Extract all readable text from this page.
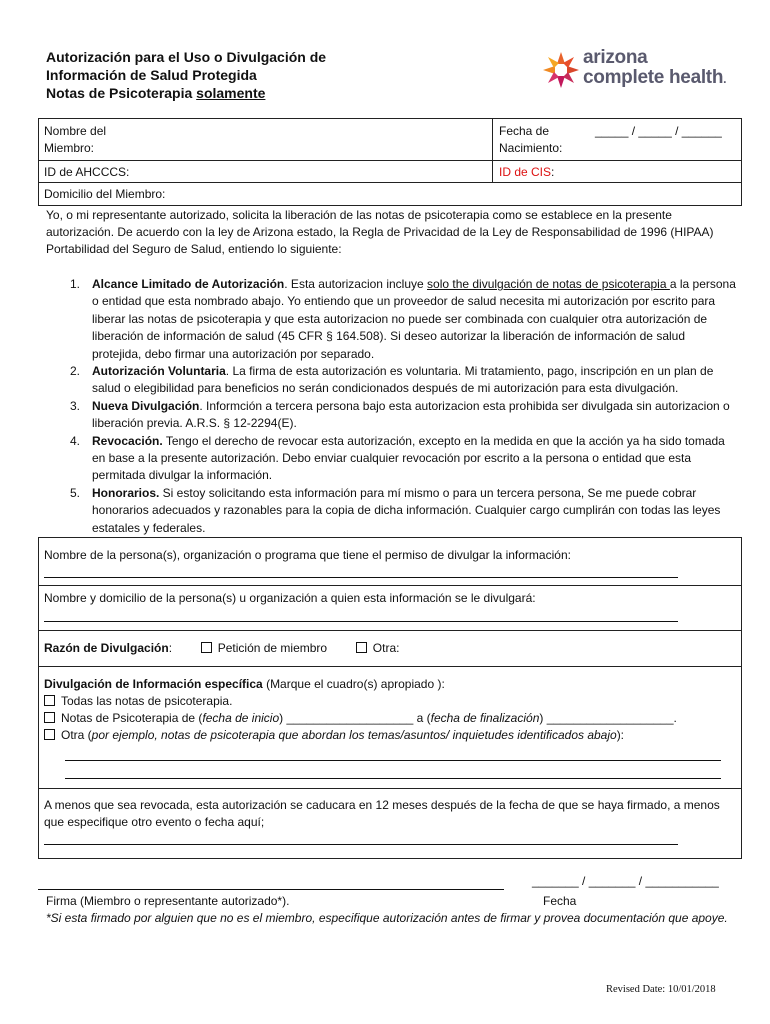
Autorización para el Uso o Divulgación de
Información de Salud Protegida
Notas de Psicoterapia solamente
arizona
complete health.
Nombre del
Miembro:
Fecha de
Nacimiento:
_____ / _____ / ______
ID de AHCCCS:	ID de CIS:
Domicilio del Miembro:
Yo, o mi representante autorizado, solicita la liberación de las notas de psicoterapia como se establece en la presente autorización. De acuerdo con la ley de Arizona estado, la Regla de Privacidad de la Ley de Responsabilidad de 1996 (HIPAA) Portabilidad del Seguro de Salud, entiendo lo siguiente:
1. Alcance Limitado de Autorización. Esta autorizacion incluye solo the divulgación de notas de psicoterapia a la persona o entidad que esta nombrado abajo. Yo entiendo que un proveedor de salud necesita mi autorización por escrito para liberar las notas de psicoterapia y que esta autorizacion no puede ser combinada con cualquier otra autorización de liberación de información de salud (45 CFR § 164.508). Si deseo autorizar la liberación de información de salud protejida, debo firmar una autorización por separado.
2. Autorización Voluntaria. La firma de esta autorización es voluntaria. Mi tratamiento, pago, inscripción en un plan de salud o elegibilidad para beneficios no serán condicionados después de mi autorización para esta divulgación.
3. Nueva Divulgación. Informción a tercera persona bajo esta autorizacion esta prohibida ser divulgada sin autorizacion o liberación previa. A.R.S. § 12-2294(E).
4. Revocación. Tengo el derecho de revocar esta autorización, excepto en la medida en que la acción ya ha sido tomada en base a la presente autorización. Debo enviar cualquier revocación por escrito a la persona o entidad que esta permitada divulgar la información.
5. Honorarios. Si estoy solicitando esta información para mí mismo o para un tercera persona, Se me puede cobrar honorarios adecuados y razonables para la copia de dicha información. Cualquier cargo cumplirán con todas las leyes estatales y federales.
Nombre de la persona(s), organización o programa que tiene el permiso de divulgar la información:
Nombre y domicilio de la persona(s) u organización a quien esta información se le divulgará:
Razón de Divulgación:	Petición de miembro	Otra:
Divulgación de Información específica (Marque el cuadro(s) apropiado ):
Todas las notas de psicoterapia.
Notas de Psicoterapia de (fecha de inicio) ___________________ a (fecha de finalización) ___________________.
Otra (por ejemplo, notas de psicoterapia que abordan los temas/asuntos/ inquietudes identificados abajo):
A menos que sea revocada, esta autorización se caducara en 12 meses después de la fecha de que se haya firmado, a menos que especifique otro evento o fecha aquí;
_______ / _______ / ___________
Firma (Miembro o representante autorizado*).	Fecha
*Si esta firmado por alguien que no es el miembro, especifique autorización antes de firmar y provea documentación que apoye.
Revised Date: 10/01/2018
